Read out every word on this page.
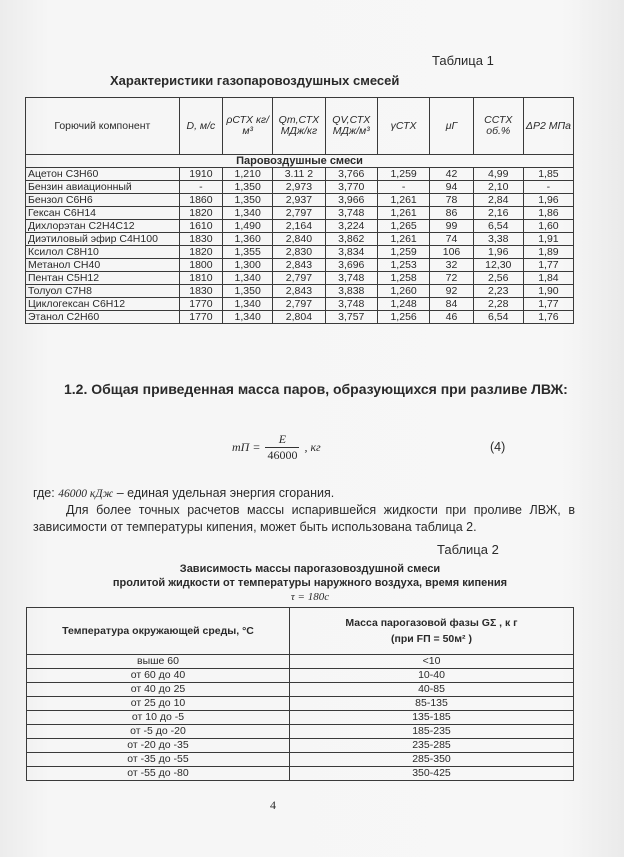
Таблица 1
Характеристики газопаровоздушных смесей
Горючий компонент	D, м/с	ρСТХ кг/м³	Qm,СТХ МДж/кг	QV,СТХ МДж/м³	γСТХ	μГ	CСТХ об.%	ΔP2 МПа
Паровоздушные смеси								
Ацетон C3H60	1910	1,210	3.11 2	3,766	1,259	42	4,99	1,85
Бензин авиационный	-	1,350	2,973	3,770	-	94	2,10	-
Бензол C6H6	1860	1,350	2,937	3,966	1,261	78	2,84	1,96
Гексан C6H14	1820	1,340	2,797	3,748	1,261	86	2,16	1,86
Дихлорэтан C2H4C12	1610	1,490	2,164	3,224	1,265	99	6,54	1,60
Диэтиловый эфир C4H100	1830	1,360	2,840	3,862	1,261	74	3,38	1,91
Ксилол C8H10	1820	1,355	2,830	3,834	1,259	106	1,96	1,89
Метанол CH40	1800	1,300	2,843	3,696	1,253	32	12,30	1,77
Пентан C5H12	1810	1,340	2,797	3,748	1,258	72	2,56	1,84
Толуол C7H8	1830	1,350	2,843	3,838	1,260	92	2,23	1,90
Циклогексан C6H12	1770	1,340	2,797	3,748	1,248	84	2,28	1,77
Этанол C2H60	1770	1,340	2,804	3,757	1,256	46	6,54	1,76
1.2. Общая приведенная масса паров, образующихся при разливе ЛВЖ:
mП = $\frac{E}{46000}$ , кг	(4)
где: 46000 кДж – единая удельная энергия сгорания.
Для более точных расчетов массы испарившейся жидкости при проливе ЛВЖ, в зависимости от температуры кипения, может быть использована таблица 2.
Таблица 2
Зависимость массы парогазовоздушной смеси
пролитой жидкости от температуры наружного воздуха, время кипения
τ = 180с
Температура окружающей среды, °С	Масса парогазовой фазы GΣ , к г
(при FП = 50м² )

выше 60	<10
от 60 до 40	10-40
от 40 до 25	40-85
от 25 до 10	85-135
от 10 до -5	135-185
от -5 до -20	185-235
от -20 до -35	235-285
от -35 до -55	285-350
от -55 до -80	350-425
4
